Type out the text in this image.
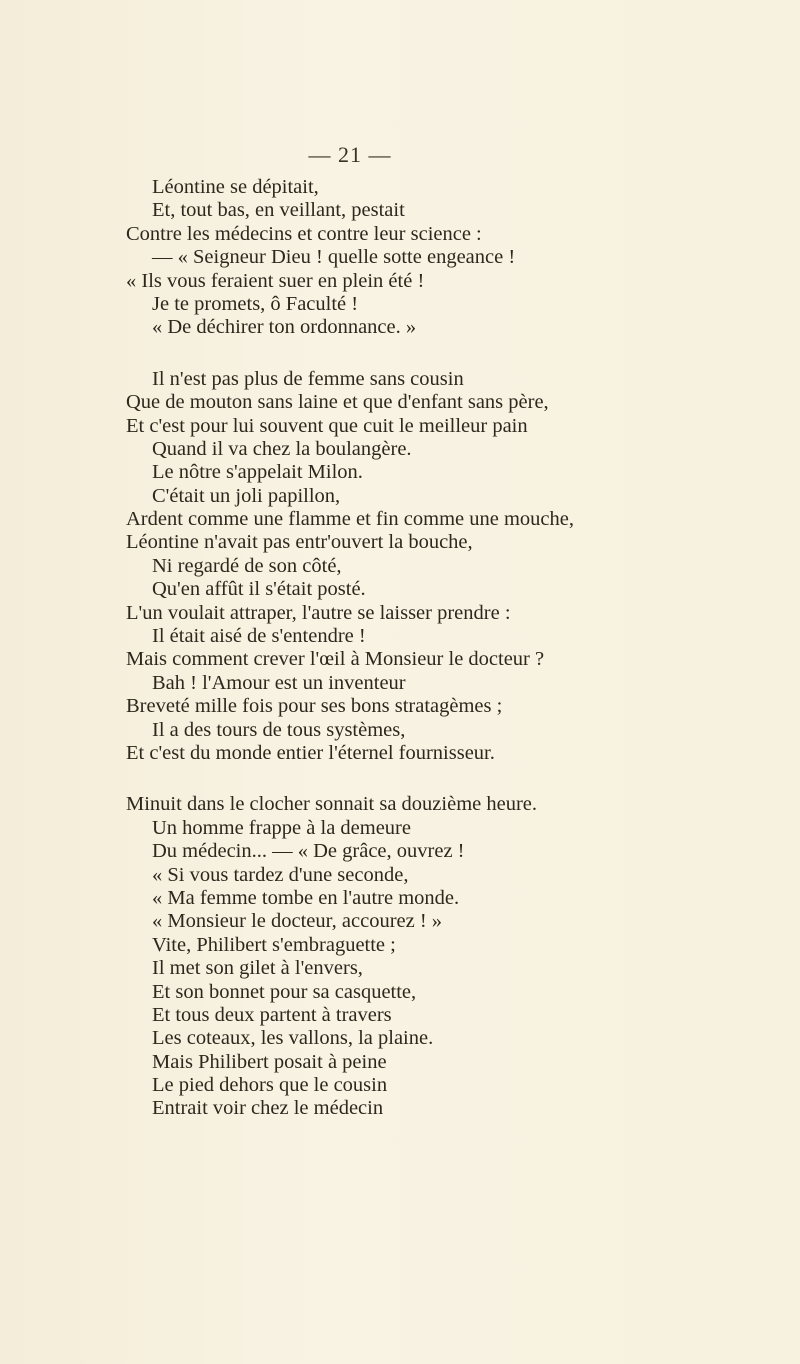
— 21 —
Léontine se dépitait,
Et, tout bas, en veillant, pestait
Contre les médecins et contre leur science :
— « Seigneur Dieu ! quelle sotte engeance !
« Ils vous feraient suer en plein été !
Je te promets, ô Faculté !
« De déchirer ton ordonnance. »
Il n'est pas plus de femme sans cousin
Que de mouton sans laine et que d'enfant sans père,
Et c'est pour lui souvent que cuit le meilleur pain
Quand il va chez la boulangère.
Le nôtre s'appelait Milon.
C'était un joli papillon,
Ardent comme une flamme et fin comme une mouche,
Léontine n'avait pas entr'ouvert la bouche,
Ni regardé de son côté,
Qu'en affût il s'était posté.
L'un voulait attraper, l'autre se laisser prendre :
Il était aisé de s'entendre !
Mais comment crever l'œil à Monsieur le docteur ?
Bah ! l'Amour est un inventeur
Breveté mille fois pour ses bons stratagèmes ;
Il a des tours de tous systèmes,
Et c'est du monde entier l'éternel fournisseur.
Minuit dans le clocher sonnait sa douzième heure.
Un homme frappe à la demeure
Du médecin... — « De grâce, ouvrez !
« Si vous tardez d'une seconde,
« Ma femme tombe en l'autre monde.
« Monsieur le docteur, accourez ! »
Vite, Philibert s'embraguette ;
Il met son gilet à l'envers,
Et son bonnet pour sa casquette,
Et tous deux partent à travers
Les coteaux, les vallons, la plaine.
Mais Philibert posait à peine
Le pied dehors que le cousin
Entrait voir chez le médecin
